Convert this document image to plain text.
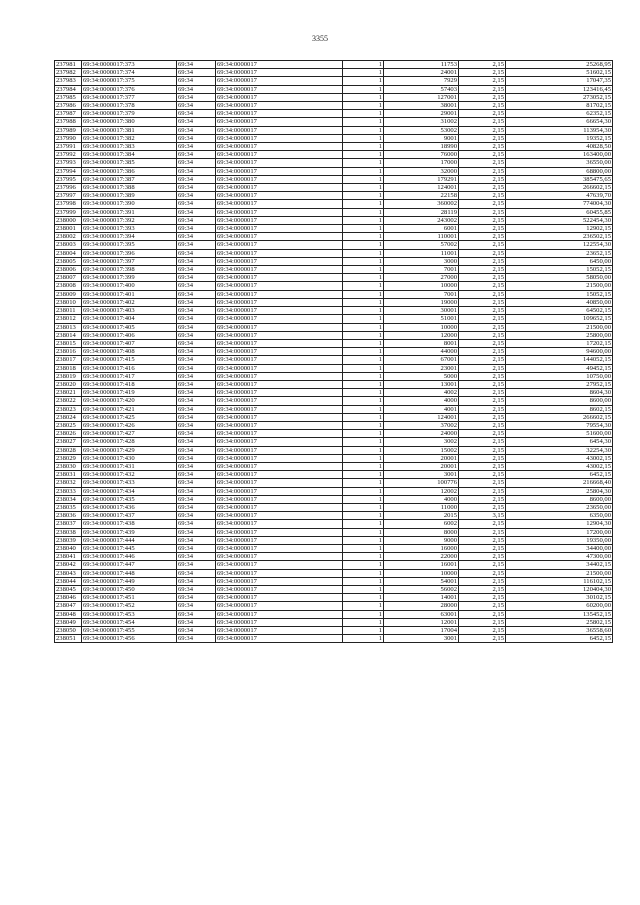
3355
237981	69:34:0000017:373	69:34	69:34:0000017	1	11753	2,15	25268,95
237982	69:34:0000017:374	69:34	69:34:0000017	1	24001	2,15	51602,15
237983	69:34:0000017:375	69:34	69:34:0000017	1	7929	2,15	17047,35
237984	69:34:0000017:376	69:34	69:34:0000017	1	57403	2,15	123416,45
237985	69:34:0000017:377	69:34	69:34:0000017	1	127001	2,15	273052,15
237986	69:34:0000017:378	69:34	69:34:0000017	1	38001	2,15	81702,15
237987	69:34:0000017:379	69:34	69:34:0000017	1	29001	2,15	62352,15
237988	69:34:0000017:380	69:34	69:34:0000017	1	31002	2,15	66654,30
237989	69:34:0000017:381	69:34	69:34:0000017	1	53002	2,15	113954,30
237990	69:34:0000017:382	69:34	69:34:0000017	1	9001	2,15	19352,15
237991	69:34:0000017:383	69:34	69:34:0000017	1	18990	2,15	40828,50
237992	69:34:0000017:384	69:34	69:34:0000017	1	76000	2,15	163400,00
237993	69:34:0000017:385	69:34	69:34:0000017	1	17000	2,15	36550,00
237994	69:34:0000017:386	69:34	69:34:0000017	1	32000	2,15	68800,00
237995	69:34:0000017:387	69:34	69:34:0000017	1	179291	2,15	385475,65
237996	69:34:0000017:388	69:34	69:34:0000017	1	124001	2,15	266602,15
237997	69:34:0000017:389	69:34	69:34:0000017	1	22158	2,15	47639,70
237998	69:34:0000017:390	69:34	69:34:0000017	1	360002	2,15	774004,30
237999	69:34:0000017:391	69:34	69:34:0000017	1	28119	2,15	60455,85
238000	69:34:0000017:392	69:34	69:34:0000017	1	243002	2,15	522454,30
238001	69:34:0000017:393	69:34	69:34:0000017	1	6001	2,15	12902,15
238002	69:34:0000017:394	69:34	69:34:0000017	1	110001	2,15	236502,15
238003	69:34:0000017:395	69:34	69:34:0000017	1	57002	2,15	122554,30
238004	69:34:0000017:396	69:34	69:34:0000017	1	11001	2,15	23652,15
238005	69:34:0000017:397	69:34	69:34:0000017	1	3000	2,15	6450,00
238006	69:34:0000017:398	69:34	69:34:0000017	1	7001	2,15	15052,15
238007	69:34:0000017:399	69:34	69:34:0000017	1	27000	2,15	58050,00
238008	69:34:0000017:400	69:34	69:34:0000017	1	10000	2,15	21500,00
238009	69:34:0000017:401	69:34	69:34:0000017	1	7001	2,15	15052,15
238010	69:34:0000017:402	69:34	69:34:0000017	1	19000	2,15	40850,00
238011	69:34:0000017:403	69:34	69:34:0000017	1	30001	2,15	64502,15
238012	69:34:0000017:404	69:34	69:34:0000017	1	51001	2,15	109652,15
238013	69:34:0000017:405	69:34	69:34:0000017	1	10000	2,15	21500,00
238014	69:34:0000017:406	69:34	69:34:0000017	1	12000	2,15	25800,00
238015	69:34:0000017:407	69:34	69:34:0000017	1	8001	2,15	17202,15
238016	69:34:0000017:408	69:34	69:34:0000017	1	44000	2,15	94600,00
238017	69:34:0000017:415	69:34	69:34:0000017	1	67001	2,15	144052,15
238018	69:34:0000017:416	69:34	69:34:0000017	1	23001	2,15	49452,15
238019	69:34:0000017:417	69:34	69:34:0000017	1	5000	2,15	10750,00
238020	69:34:0000017:418	69:34	69:34:0000017	1	13001	2,15	27952,15
238021	69:34:0000017:419	69:34	69:34:0000017	1	4002	2,15	8604,30
238022	69:34:0000017:420	69:34	69:34:0000017	1	4000	2,15	8600,00
238023	69:34:0000017:421	69:34	69:34:0000017	1	4001	2,15	8602,15
238024	69:34:0000017:425	69:34	69:34:0000017	1	124001	2,15	266602,15
238025	69:34:0000017:426	69:34	69:34:0000017	1	37002	2,15	79554,30
238026	69:34:0000017:427	69:34	69:34:0000017	1	24000	2,15	51600,00
238027	69:34:0000017:428	69:34	69:34:0000017	1	3002	2,15	6454,30
238028	69:34:0000017:429	69:34	69:34:0000017	1	15002	2,15	32254,30
238029	69:34:0000017:430	69:34	69:34:0000017	1	20001	2,15	43002,15
238030	69:34:0000017:431	69:34	69:34:0000017	1	20001	2,15	43002,15
238031	69:34:0000017:432	69:34	69:34:0000017	1	3001	2,15	6452,15
238032	69:34:0000017:433	69:34	69:34:0000017	1	100776	2,15	216668,40
238033	69:34:0000017:434	69:34	69:34:0000017	1	12002	2,15	25804,30
238034	69:34:0000017:435	69:34	69:34:0000017	1	4000	2,15	8600,00
238035	69:34:0000017:436	69:34	69:34:0000017	1	11000	2,15	23650,00
238036	69:34:0000017:437	69:34	69:34:0000017	1	2015	3,15	6350,00
238037	69:34:0000017:438	69:34	69:34:0000017	1	6002	2,15	12904,30
238038	69:34:0000017:439	69:34	69:34:0000017	1	8000	2,15	17200,00
238039	69:34:0000017:444	69:34	69:34:0000017	1	9000	2,15	19350,00
238040	69:34:0000017:445	69:34	69:34:0000017	1	16000	2,15	34400,00
238041	69:34:0000017:446	69:34	69:34:0000017	1	22000	2,15	47300,00
238042	69:34:0000017:447	69:34	69:34:0000017	1	16001	2,15	34402,15
238043	69:34:0000017:448	69:34	69:34:0000017	1	10000	2,15	21500,00
238044	69:34:0000017:449	69:34	69:34:0000017	1	54001	2,15	116102,15
238045	69:34:0000017:450	69:34	69:34:0000017	1	56002	2,15	120404,30
238046	69:34:0000017:451	69:34	69:34:0000017	1	14001	2,15	30102,15
238047	69:34:0000017:452	69:34	69:34:0000017	1	28000	2,15	60200,00
238048	69:34:0000017:453	69:34	69:34:0000017	1	63001	2,15	135452,15
238049	69:34:0000017:454	69:34	69:34:0000017	1	12001	2,15	25802,15
238050	69:34:0000017:455	69:34	69:34:0000017	1	17004	2,15	36558,60
238051	69:34:0000017:456	69:34	69:34:0000017	1	3001	2,15	6452,15
